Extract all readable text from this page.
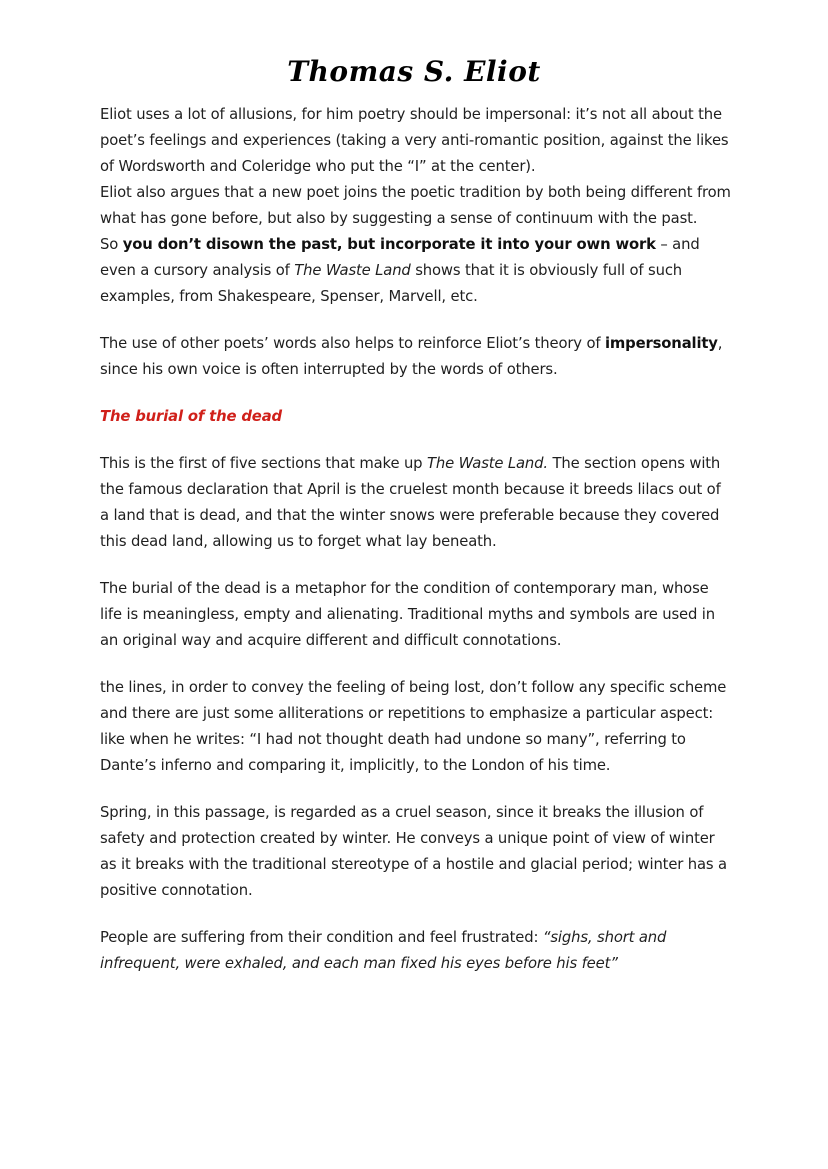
Thomas S. Eliot

Eliot uses a lot of allusions, for him poetry should be impersonal: it’s not all about the poet’s feelings and experiences (taking a very anti-romantic position, against the likes of Wordsworth and Coleridge who put the “I” at the center).
Eliot also argues that a new poet joins the poetic tradition by both being different from what has gone before, but also by suggesting a sense of continuum with the past.
So you don’t disown the past, but incorporate it into your own work – and even a cursory analysis of The Waste Land shows that it is obviously full of such examples, from Shakespeare, Spenser, Marvell, etc.

The use of other poets’ words also helps to reinforce Eliot’s theory of impersonality, since his own voice is often interrupted by the words of others.

The burial of the dead

This is the first of five sections that make up The Waste Land. The section opens with the famous declaration that April is the cruelest month because it breeds lilacs out of a land that is dead, and that the winter snows were preferable because they covered this dead land, allowing us to forget what lay beneath.

The burial of the dead is a metaphor for the condition of contemporary man, whose life is meaningless, empty and alienating. Traditional myths and symbols are used in an original way and acquire different and difficult connotations.

the lines, in order to convey the feeling of being lost, don’t follow any specific scheme and there are just some alliterations or repetitions to emphasize a particular aspect: like when he writes: “I had not thought death had undone so many”, referring to Dante’s inferno and comparing it, implicitly, to the London of his time.

Spring, in this passage, is regarded as a cruel season, since it breaks the illusion of safety and protection created by winter. He conveys a unique point of view of winter as it breaks with the traditional stereotype of a hostile and glacial period; winter has a positive connotation.

People are suffering from their condition and feel frustrated: “sighs, short and infrequent, were exhaled, and each man fixed his eyes before his feet”
